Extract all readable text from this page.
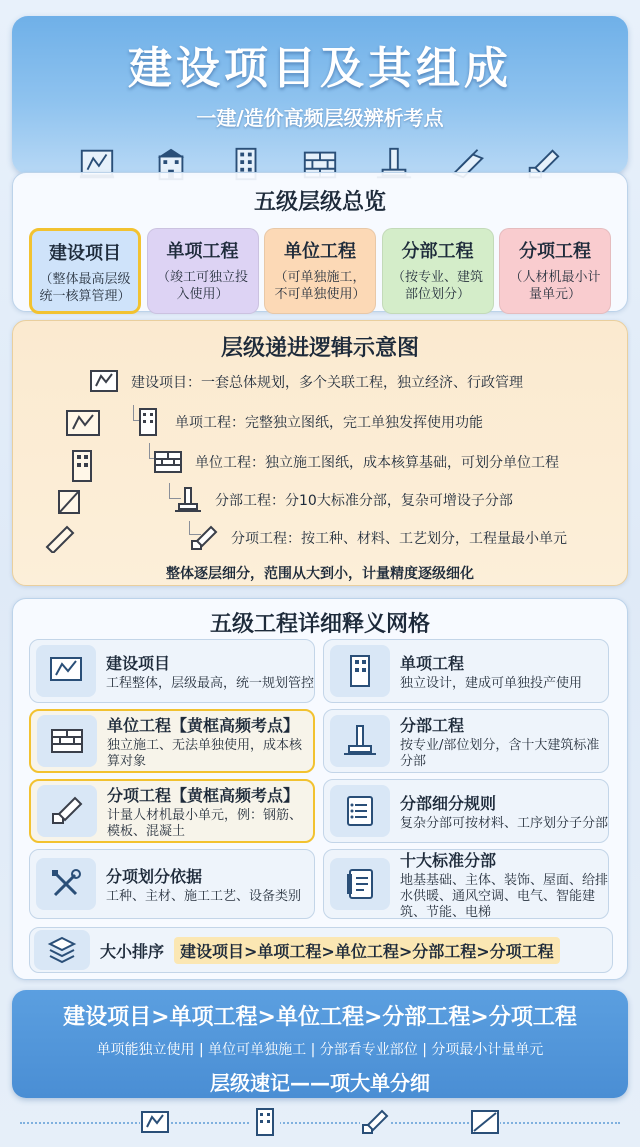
建设项目及其组成
一建/造价高频层级辨析考点
五级层级总览
建设项目
（整体最高层级统一核算管理）
单项工程
（竣工可独立投入使用）
单位工程
（可单独施工，不可单独使用）
分部工程
（按专业、建筑部位划分）
分项工程
（人材机最小计量单元）
层级递进逻辑示意图
建设项目：一套总体规划，多个关联工程，独立经济、行政管理
单项工程：完整独立图纸，完工单独发挥使用功能
单位工程：独立施工图纸，成本核算基础，可划分单位工程
分部工程：分10大标准分部，复杂可增设子分部
分项工程：按工种、材料、工艺划分，工程量最小单元
整体逐层细分，范围从大到小，计量精度逐级细化
五级工程详细释义网格
建设项目
工程整体，层级最高，统一规划管控
单项工程
独立设计，建成可单独投产使用
单位工程【黄框高频考点】
独立施工、无法单独使用，成本核算对象
分部工程
按专业/部位划分，含十大建筑标准分部
分项工程【黄框高频考点】
计量人材机最小单元，例：钢筋、模板、混凝土
分部细分规则
复杂分部可按材料、工序划分子分部
分项划分依据
工种、主材、施工工艺、设备类别
十大标准分部
地基基础、主体、装饰、屋面、给排水供暖、通风空调、电气、智能建筑、节能、电梯
大小排序	建设项目>单项工程>单位工程>分部工程>分项工程
建设项目>单项工程>单位工程>分部工程>分项工程
单项能独立使用 | 单位可单独施工 | 分部看专业部位 | 分项最小计量单元
层级速记——项大单分细
